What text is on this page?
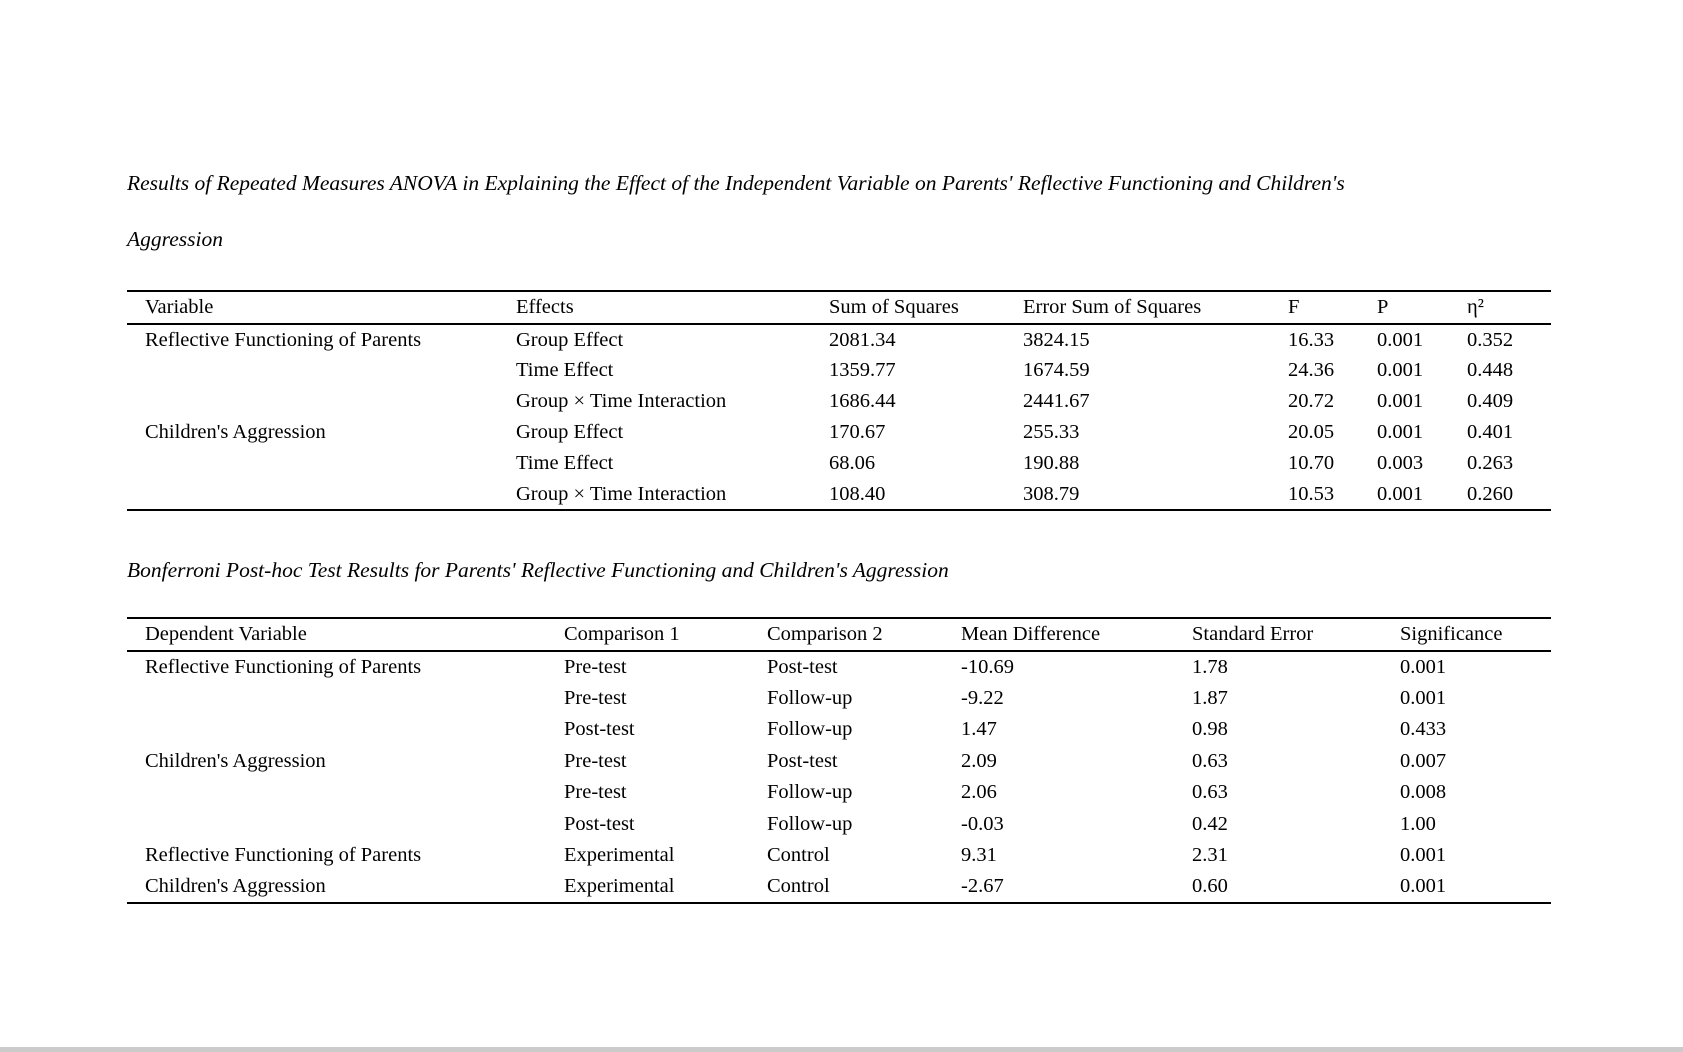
Results of Repeated Measures ANOVA in Explaining the Effect of the Independent Variable on Parents' Reflective Functioning and Children's
Aggression
Variable	Effects	Sum of Squares	Error Sum of Squares	F	P	η²
Reflective Functioning of Parents	Group Effect	2081.34	3824.15	16.33	0.001	0.352
	Time Effect	1359.77	1674.59	24.36	0.001	0.448
	Group × Time Interaction	1686.44	2441.67	20.72	0.001	0.409
Children's Aggression	Group Effect	170.67	255.33	20.05	0.001	0.401
	Time Effect	68.06	190.88	10.70	0.003	0.263
	Group × Time Interaction	108.40	308.79	10.53	0.001	0.260
Bonferroni Post-hoc Test Results for Parents' Reflective Functioning and Children's Aggression
Dependent Variable	Comparison 1	Comparison 2	Mean Difference	Standard Error	Significance
Reflective Functioning of Parents	Pre-test	Post-test	-10.69	1.78	0.001
	Pre-test	Follow-up	-9.22	1.87	0.001
	Post-test	Follow-up	1.47	0.98	0.433
Children's Aggression	Pre-test	Post-test	2.09	0.63	0.007
	Pre-test	Follow-up	2.06	0.63	0.008
	Post-test	Follow-up	-0.03	0.42	1.00
Reflective Functioning of Parents	Experimental	Control	9.31	2.31	0.001
Children's Aggression	Experimental	Control	-2.67	0.60	0.001
